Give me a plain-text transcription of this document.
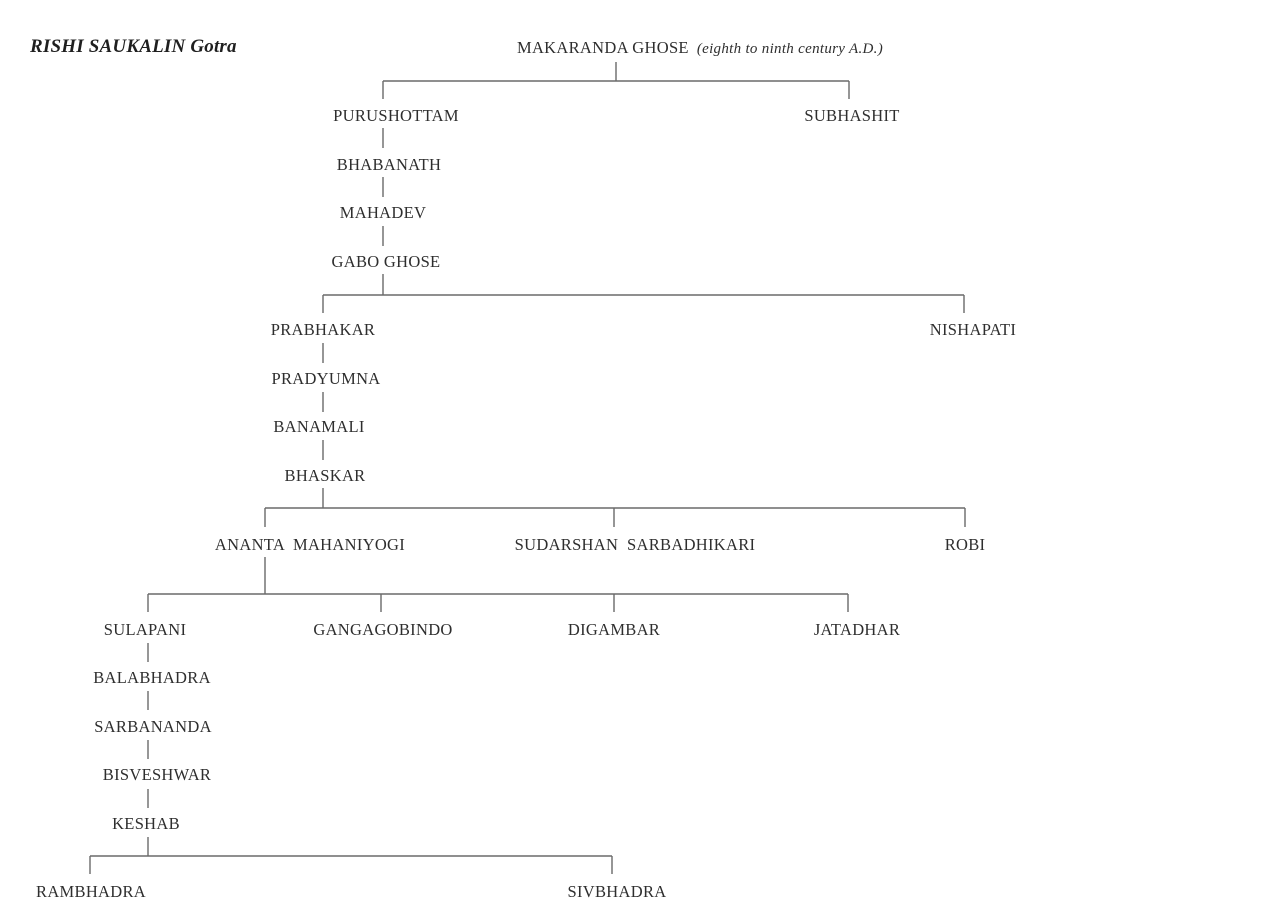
RISHI SAUKALIN Gotra	MAKARANDA GHOSE (eighth to ninth century A.D.)
PURUSHOTTAM	SUBHASHIT
BHABANATH
MAHADEV
GABO GHOSE
PRABHAKAR	NISHAPATI
PRADYUMNA
BANAMALI
BHASKAR
ANANTA  MAHANIYOGI	SUDARSHAN  SARBADHIKARI	ROBI
SULAPANI	GANGAGOBINDO	DIGAMBAR	JATADHAR
BALABHADRA
SARBANANDA
BISVESHWAR
KESHAB
RAMBHADRA	SIVBHADRA
